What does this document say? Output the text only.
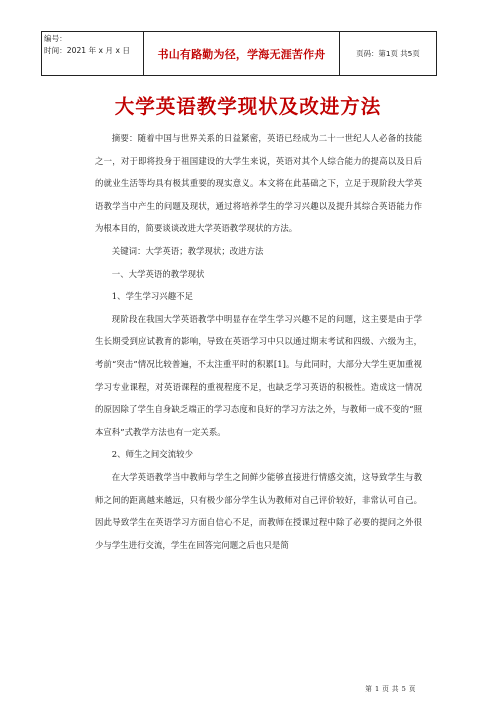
编号：
时间：2021 年 x 月 x 日	书山有路勤为径，学海无涯苦作舟	页码：第1页 共5页
大学英语教学现状及改进方法

摘要：随着中国与世界关系的日益紧密，英语已经成为二十一世纪人人必备的技能之一，对于即将投身于祖国建设的大学生来说，英语对其个人综合能力的提高以及日后的就业生活等均具有极其重要的现实意义。本文将在此基础之下，立足于现阶段大学英语教学当中产生的问题及现状，通过将培养学生的学习兴趣以及提升其综合英语能力作为根本目的，简要谈谈改进大学英语教学现状的方法。

关键词：大学英语；教学现状；改进方法

一、大学英语的教学现状

1、学生学习兴趣不足

现阶段在我国大学英语教学中明显存在学生学习兴趣不足的问题，这主要是由于学生长期受到应试教育的影响，导致在英语学习中只以通过期末考试和四级、六级为主，考前“突击”情况比较普遍，不太注重平时的积累[1]。与此同时，大部分大学生更加重视学习专业课程，对英语课程的重视程度不足，也缺乏学习英语的积极性。造成这一情况的原因除了学生自身缺乏端正的学习态度和良好的学习方法之外，与教师一成不变的“照本宣科”式教学方法也有一定关系。

2、师生之间交流较少

在大学英语教学当中教师与学生之间鲜少能够直接进行情感交流，这导致学生与教师之间的距离越来越远，只有极少部分学生认为教师对自己评价较好，非常认可自己。因此导致学生在英语学习方面自信心不足，而教师在授课过程中除了必要的提问之外很少与学生进行交流，学生在回答完问题之后也只是简

第 1 页 共 5 页
